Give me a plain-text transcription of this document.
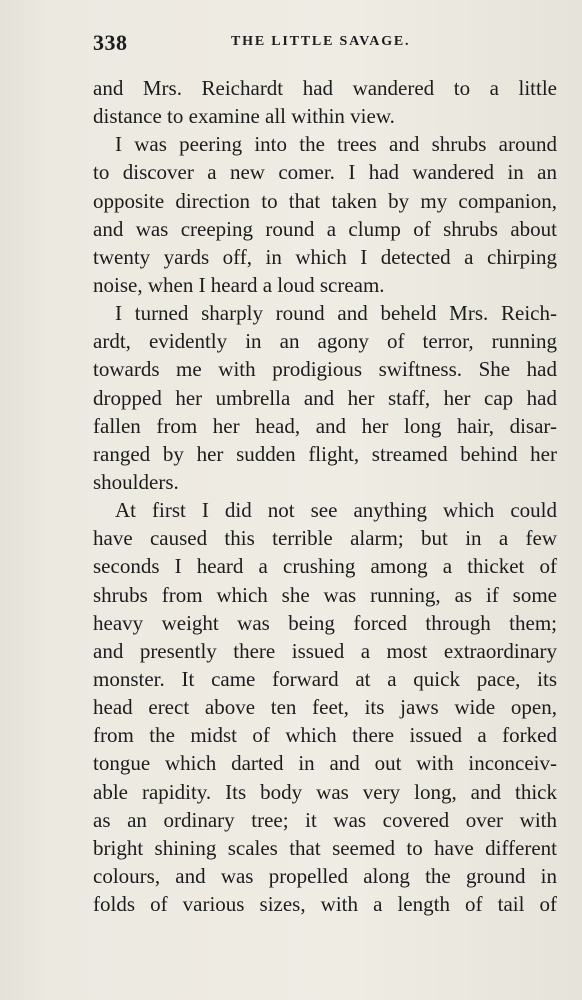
338	THE LITTLE SAVAGE.
and Mrs. Reichardt had wandered to a little
distance to examine all within view.
I was peering into the trees and shrubs around
to discover a new comer. I had wandered in an
opposite direction to that taken by my companion,
and was creeping round a clump of shrubs about
twenty yards off, in which I detected a chirping
noise, when I heard a loud scream.
I turned sharply round and beheld Mrs. Reich-
ardt, evidently in an agony of terror, running
towards me with prodigious swiftness. She had
dropped her umbrella and her staff, her cap had
fallen from her head, and her long hair, disar-
ranged by her sudden flight, streamed behind her
shoulders.
At first I did not see anything which could
have caused this terrible alarm; but in a few
seconds I heard a crushing among a thicket of
shrubs from which she was running, as if some
heavy weight was being forced through them;
and presently there issued a most extraordinary
monster. It came forward at a quick pace, its
head erect above ten feet, its jaws wide open,
from the midst of which there issued a forked
tongue which darted in and out with inconceiv-
able rapidity. Its body was very long, and thick
as an ordinary tree; it was covered over with
bright shining scales that seemed to have different
colours, and was propelled along the ground in
folds of various sizes, with a length of tail of
